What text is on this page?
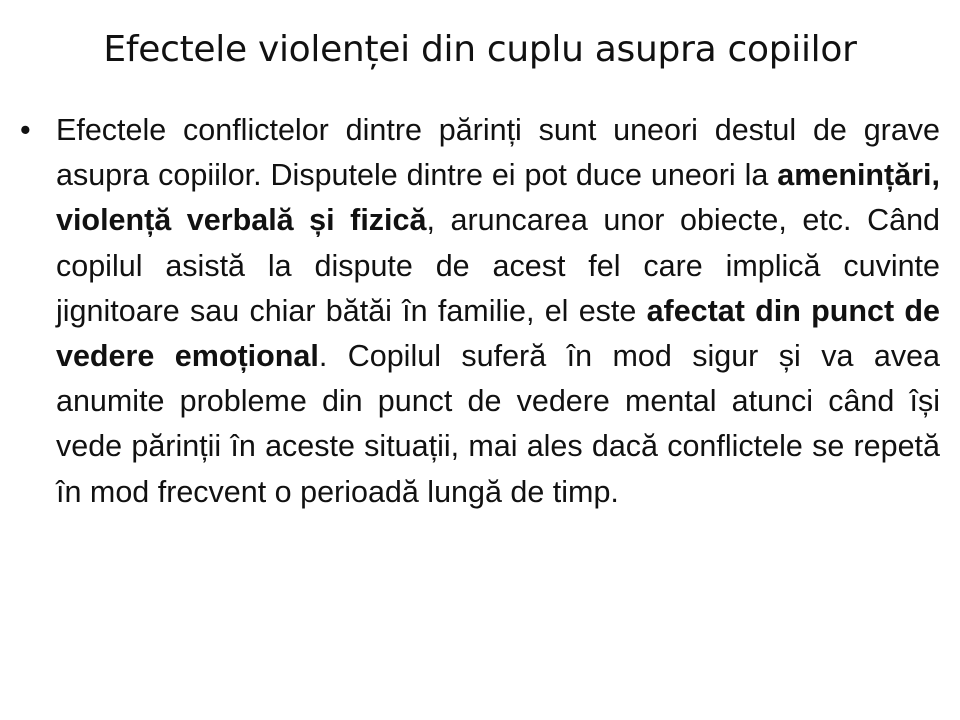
Efectele violenței din cuplu asupra copiilor
• Efectele conflictelor dintre părinți sunt uneori destul de grave asupra copiilor. Disputele dintre ei pot duce uneori la amenințări, violență verbală și fizică, aruncarea unor obiecte, etc. Când copilul asistă la dispute de acest fel care implică cuvinte jignitoare sau chiar bătăi în familie, el este afectat din punct de vedere emoțional. Copilul suferă în mod sigur și va avea anumite probleme din punct de vedere mental atunci când își vede părinții în aceste situații, mai ales dacă conflictele se repetă în mod frecvent o perioadă lungă de timp.
